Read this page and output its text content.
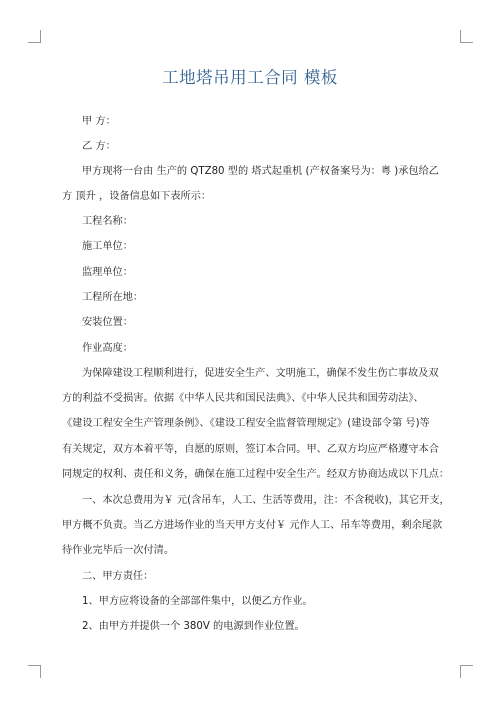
工地塔吊用工合同 模板
甲 方：
乙 方：
甲方现将一台由 生产的 QTZ80 型的 塔式起重机 (产权备案号为：粤 )承包给乙
方 顶升 ，设备信息如下表所示：
工程名称：
施工单位：
监理单位：
工程所在地：
安装位置：
作业高度：
为保障建设工程顺利进行，促进安全生产、文明施工，确保不发生伤亡事故及双
方的利益不受损害。依据《中华人民共和国民法典》、《中华人民共和国劳动法》、
《建设工程安全生产管理条例》、《建设工程安全监督管理规定》(建设部令第 号)等
有关规定，双方本着平等，自愿的原则，签订本合同。甲、乙双方均应严格遵守本合
同规定的权利、责任和义务，确保在施工过程中安全生产。经双方协商达成以下几点：
一、本次总费用为￥ 元(含吊车，人工、生活等费用，注：不含税收)，其它开支，
甲方概不负责。当乙方进场作业的当天甲方支付￥ 元作人工、吊车等费用，剩余尾款
待作业完毕后一次付清。
二、甲方责任：
1、甲方应将设备的全部部件集中，以便乙方作业。
2、由甲方并提供一个 380V 的电源到作业位置。
